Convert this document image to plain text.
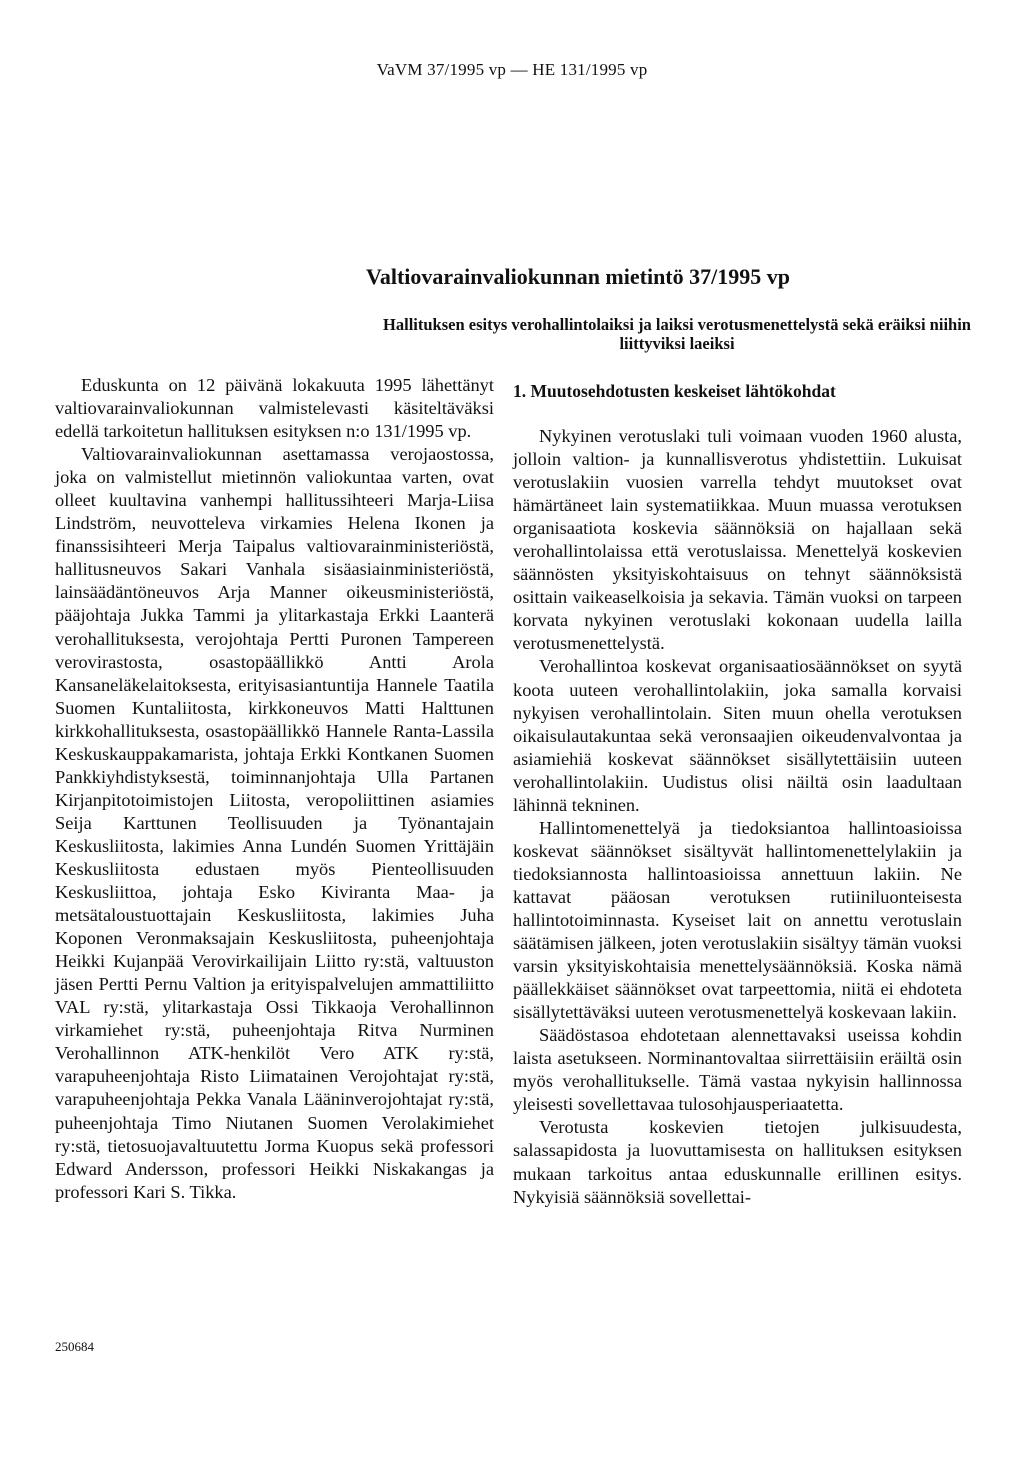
VaVM 37/1995 vp — HE 131/1995 vp
Valtiovarainvaliokunnan mietintö 37/1995 vp
Hallituksen esitys verohallintolaiksi ja laiksi verotusmenettelystä sekä eräiksi niihin liittyviksi laeiksi

Eduskunta on 12 päivänä lokakuuta 1995 lähettänyt valtiovarainvaliokunnan valmistelevasti käsiteltäväksi edellä tarkoitetun hallituksen esityksen n:o 131/1995 vp.

Valtiovarainvaliokunnan asettamassa verojaostossa, joka on valmistellut mietinnön valiokuntaa varten, ovat olleet kuultavina vanhempi hallitussihteeri Marja-Liisa Lindström, neuvotteleva virkamies Helena Ikonen ja finanssisihteeri Merja Taipalus valtiovarainministeriöstä, hallitusneuvos Sakari Vanhala sisäasiainministeriöstä, lainsäädäntöneuvos Arja Manner oikeusministeriöstä, pääjohtaja Jukka Tammi ja ylitarkastaja Erkki Laanterä verohallituksesta, verojohtaja Pertti Puronen Tampereen verovirastosta, osastopäällikkö Antti Arola Kansaneläkelaitoksesta, erityisasiantuntija Hannele Taatila Suomen Kuntaliitosta, kirkkoneuvos Matti Halttunen kirkkohallituksesta, osastopäällikkö Hannele Ranta-Lassila Keskuskauppakamarista, johtaja Erkki Kontkanen Suomen Pankkiyhdistyksestä, toiminnanjohtaja Ulla Partanen Kirjanpitotoimistojen Liitosta, veropoliittinen asiamies Seija Karttunen Teollisuuden ja Työnantajain Keskusliitosta, lakimies Anna Lundén Suomen Yrittäjäin Keskusliitosta edustaen myös Pienteollisuuden Keskusliittoa, johtaja Esko Kiviranta Maa- ja metsätaloustuottajain Keskusliitosta, lakimies Juha Koponen Veronmaksajain Keskusliitosta, puheenjohtaja Heikki Kujanpää Verovirkailijain Liitto ry:stä, valtuuston jäsen Pertti Pernu Valtion ja erityispalvelujen ammattiliitto VAL ry:stä, ylitarkastaja Ossi Tikkaoja Verohallinnon virkamiehet ry:stä, puheenjohtaja Ritva Nurminen Verohallinnon ATK-henkilöt Vero ATK ry:stä, varapuheenjohtaja Risto Liimatainen Verojohtajat ry:stä, varapuheenjohtaja Pekka Vanala Lääninverojohtajat ry:stä, puheenjohtaja Timo Niutanen Suomen Verolakimiehet ry:stä, tietosuojavaltuutettu Jorma Kuopus sekä professori Edward Andersson, professori Heikki Niskakangas ja professori Kari S. Tikka.

250684
1. Muutosehdotusten keskeiset lähtökohdat

Nykyinen verotuslaki tuli voimaan vuoden 1960 alusta, jolloin valtion- ja kunnallisverotus yhdistettiin. Lukuisat verotuslakiin vuosien varrella tehdyt muutokset ovat hämärtäneet lain systematiikkaa. Muun muassa verotuksen organisaatiota koskevia säännöksiä on hajallaan sekä verohallintolaissa että verotuslaissa. Menettelyä koskevien säännösten yksityiskohtaisuus on tehnyt säännöksistä osittain vaikeaselkoisia ja sekavia. Tämän vuoksi on tarpeen korvata nykyinen verotuslaki kokonaan uudella lailla verotusmenettelystä.

Verohallintoa koskevat organisaatiosäännökset on syytä koota uuteen verohallintolakiin, joka samalla korvaisi nykyisen verohallintolain. Siten muun ohella verotuksen oikaisulautakuntaa sekä veronsaajien oikeudenvalvontaa ja asiamiehiä koskevat säännökset sisällytettäisiin uuteen verohallintolakiin. Uudistus olisi näiltä osin laadultaan lähinnä tekninen.

Hallintomenettelyä ja tiedoksiantoa hallintoasioissa koskevat säännökset sisältyvät hallintomenettelylakiin ja tiedoksiannosta hallintoasioissa annettuun lakiin. Ne kattavat pääosan verotuksen rutiiniluonteisesta hallintotoiminnasta. Kyseiset lait on annettu verotuslain säätämisen jälkeen, joten verotuslakiin sisältyy tämän vuoksi varsin yksityiskohtaisia menettelysäännöksiä. Koska nämä päällekkäiset säännökset ovat tarpeettomia, niitä ei ehdoteta sisällytettäväksi uuteen verotusmenettelyä koskevaan lakiin.

Säädöstasoa ehdotetaan alennettavaksi useissa kohdin laista asetukseen. Norminantovaltaa siirrettäisiin eräiltä osin myös verohallitukselle. Tämä vastaa nykyisin hallinnossa yleisesti sovellettavaa tulosohjausperiaatetta.

Verotusta koskevien tietojen julkisuudesta, salassapidosta ja luovuttamisesta on hallituksen esityksen mukaan tarkoitus antaa eduskunnalle erillinen esitys. Nykyisiä säännöksiä sovellettai-
